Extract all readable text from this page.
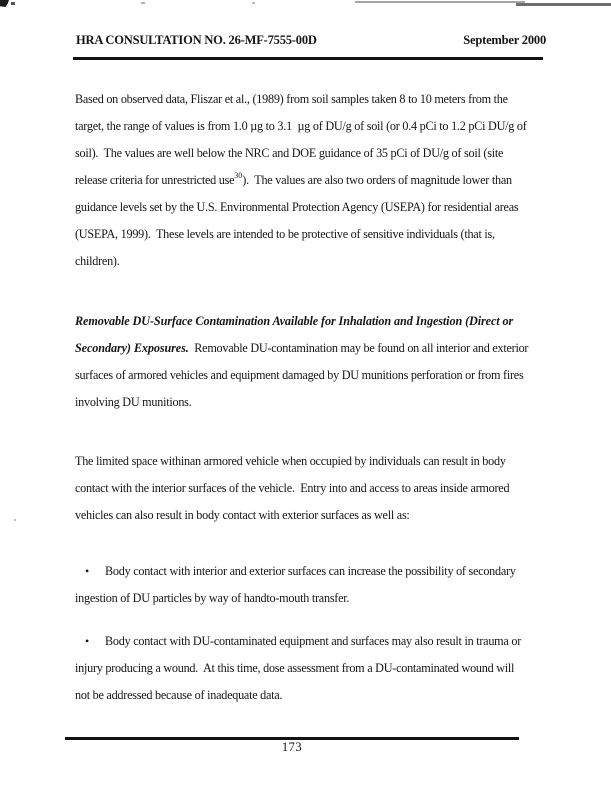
HRA CONSULTATION NO. 26-MF-7555-00D	September 2000
Based on observed data, Fliszar et al., (1989) from soil samples taken 8 to 10 meters from the
target, the range of values is from 1.0 µg to 3.1  µg of DU/g of soil (or 0.4 pCi to 1.2 pCi DU/g of
soil).  The values are well below the NRC and DOE guidance of 35 pCi of DU/g of soil (site
release criteria for unrestricted use$^{30}$).  The values are also two orders of magnitude lower than
guidance levels set by the U.S. Environmental Protection Agency (USEPA) for residential areas
(USEPA, 1999).  These levels are intended to be protective of sensitive individuals (that is,
children).
Removable DU-Surface Contamination Available for Inhalation and Ingestion (Direct or
Secondary) Exposures.  Removable DU-contamination may be found on all interior and exterior
surfaces of armored vehicles and equipment damaged by DU munitions perforation or from fires
involving DU munitions.
The limited space withinan armored vehicle when occupied by individuals can result in body
contact with the interior surfaces of the vehicle.  Entry into and access to areas inside armored
vehicles can also result in body contact with exterior surfaces as well as:
• Body contact with interior and exterior surfaces can increase the possibility of secondary
ingestion of DU particles by way of handto-mouth transfer.
• Body contact with DU-contaminated equipment and surfaces may also result in trauma or
injury producing a wound.  At this time, dose assessment from a DU-contaminated wound will
not be addressed because of inadequate data.
173
